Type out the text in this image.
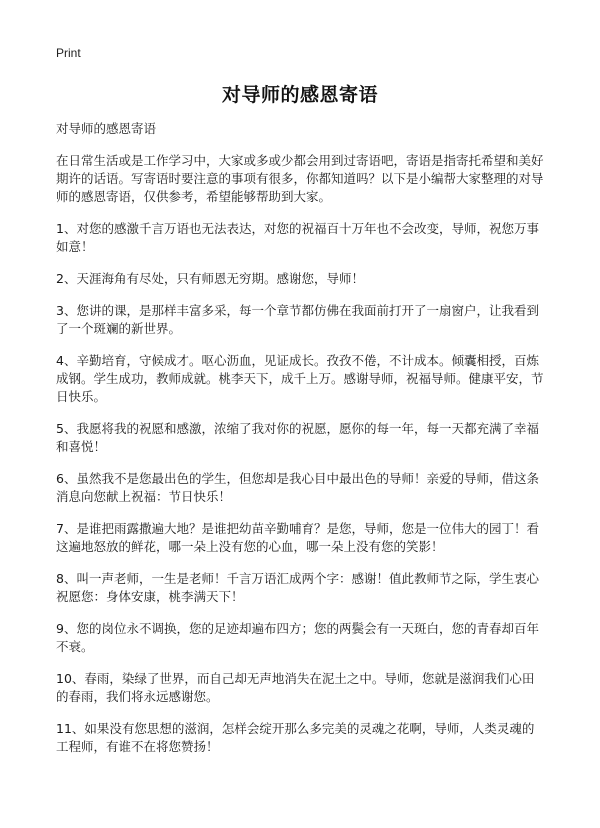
Print
对导师的感恩寄语

对导师的感恩寄语

在日常生活或是工作学习中，大家或多或少都会用到过寄语吧，寄语是指寄托希望和美好期许的话语。写寄语时要注意的事项有很多，你都知道吗？以下是小编帮大家整理的对导师的感恩寄语，仅供参考，希望能够帮助到大家。

1、对您的感激千言万语也无法表达，对您的祝福百十万年也不会改变，导师，祝您万事如意！

2、天涯海角有尽处，只有师恩无穷期。感谢您，导师！

3、您讲的课，是那样丰富多采，每一个章节都仿佛在我面前打开了一扇窗户，让我看到了一个斑斓的新世界。

4、辛勤培育，守候成才。呕心沥血，见证成长。孜孜不倦，不计成本。倾囊相授，百炼成钢。学生成功，教师成就。桃李天下，成千上万。感谢导师，祝福导师。健康平安，节日快乐。

5、我愿将我的祝愿和感激，浓缩了我对你的祝愿，愿你的每一年，每一天都充满了幸福和喜悦！

6、虽然我不是您最出色的学生，但您却是我心目中最出色的导师！亲爱的导师，借这条消息向您献上祝福：节日快乐！

7、是谁把雨露撒遍大地？是谁把幼苗辛勤哺育？是您，导师，您是一位伟大的园丁！看这遍地怒放的鲜花，哪一朵上没有您的心血，哪一朵上没有您的笑影！

8、叫一声老师，一生是老师！千言万语汇成两个字：感谢！值此教师节之际，学生衷心祝愿您：身体安康，桃李满天下！

9、您的岗位永不调换，您的足迹却遍布四方；您的两鬓会有一天斑白，您的青春却百年不衰。

10、春雨，染绿了世界，而自己却无声地消失在泥土之中。导师，您就是滋润我们心田的春雨，我们将永远感谢您。

11、如果没有您思想的滋润，怎样会绽开那么多完美的灵魂之花啊，导师，人类灵魂的工程师，有谁不在将您赞扬！
